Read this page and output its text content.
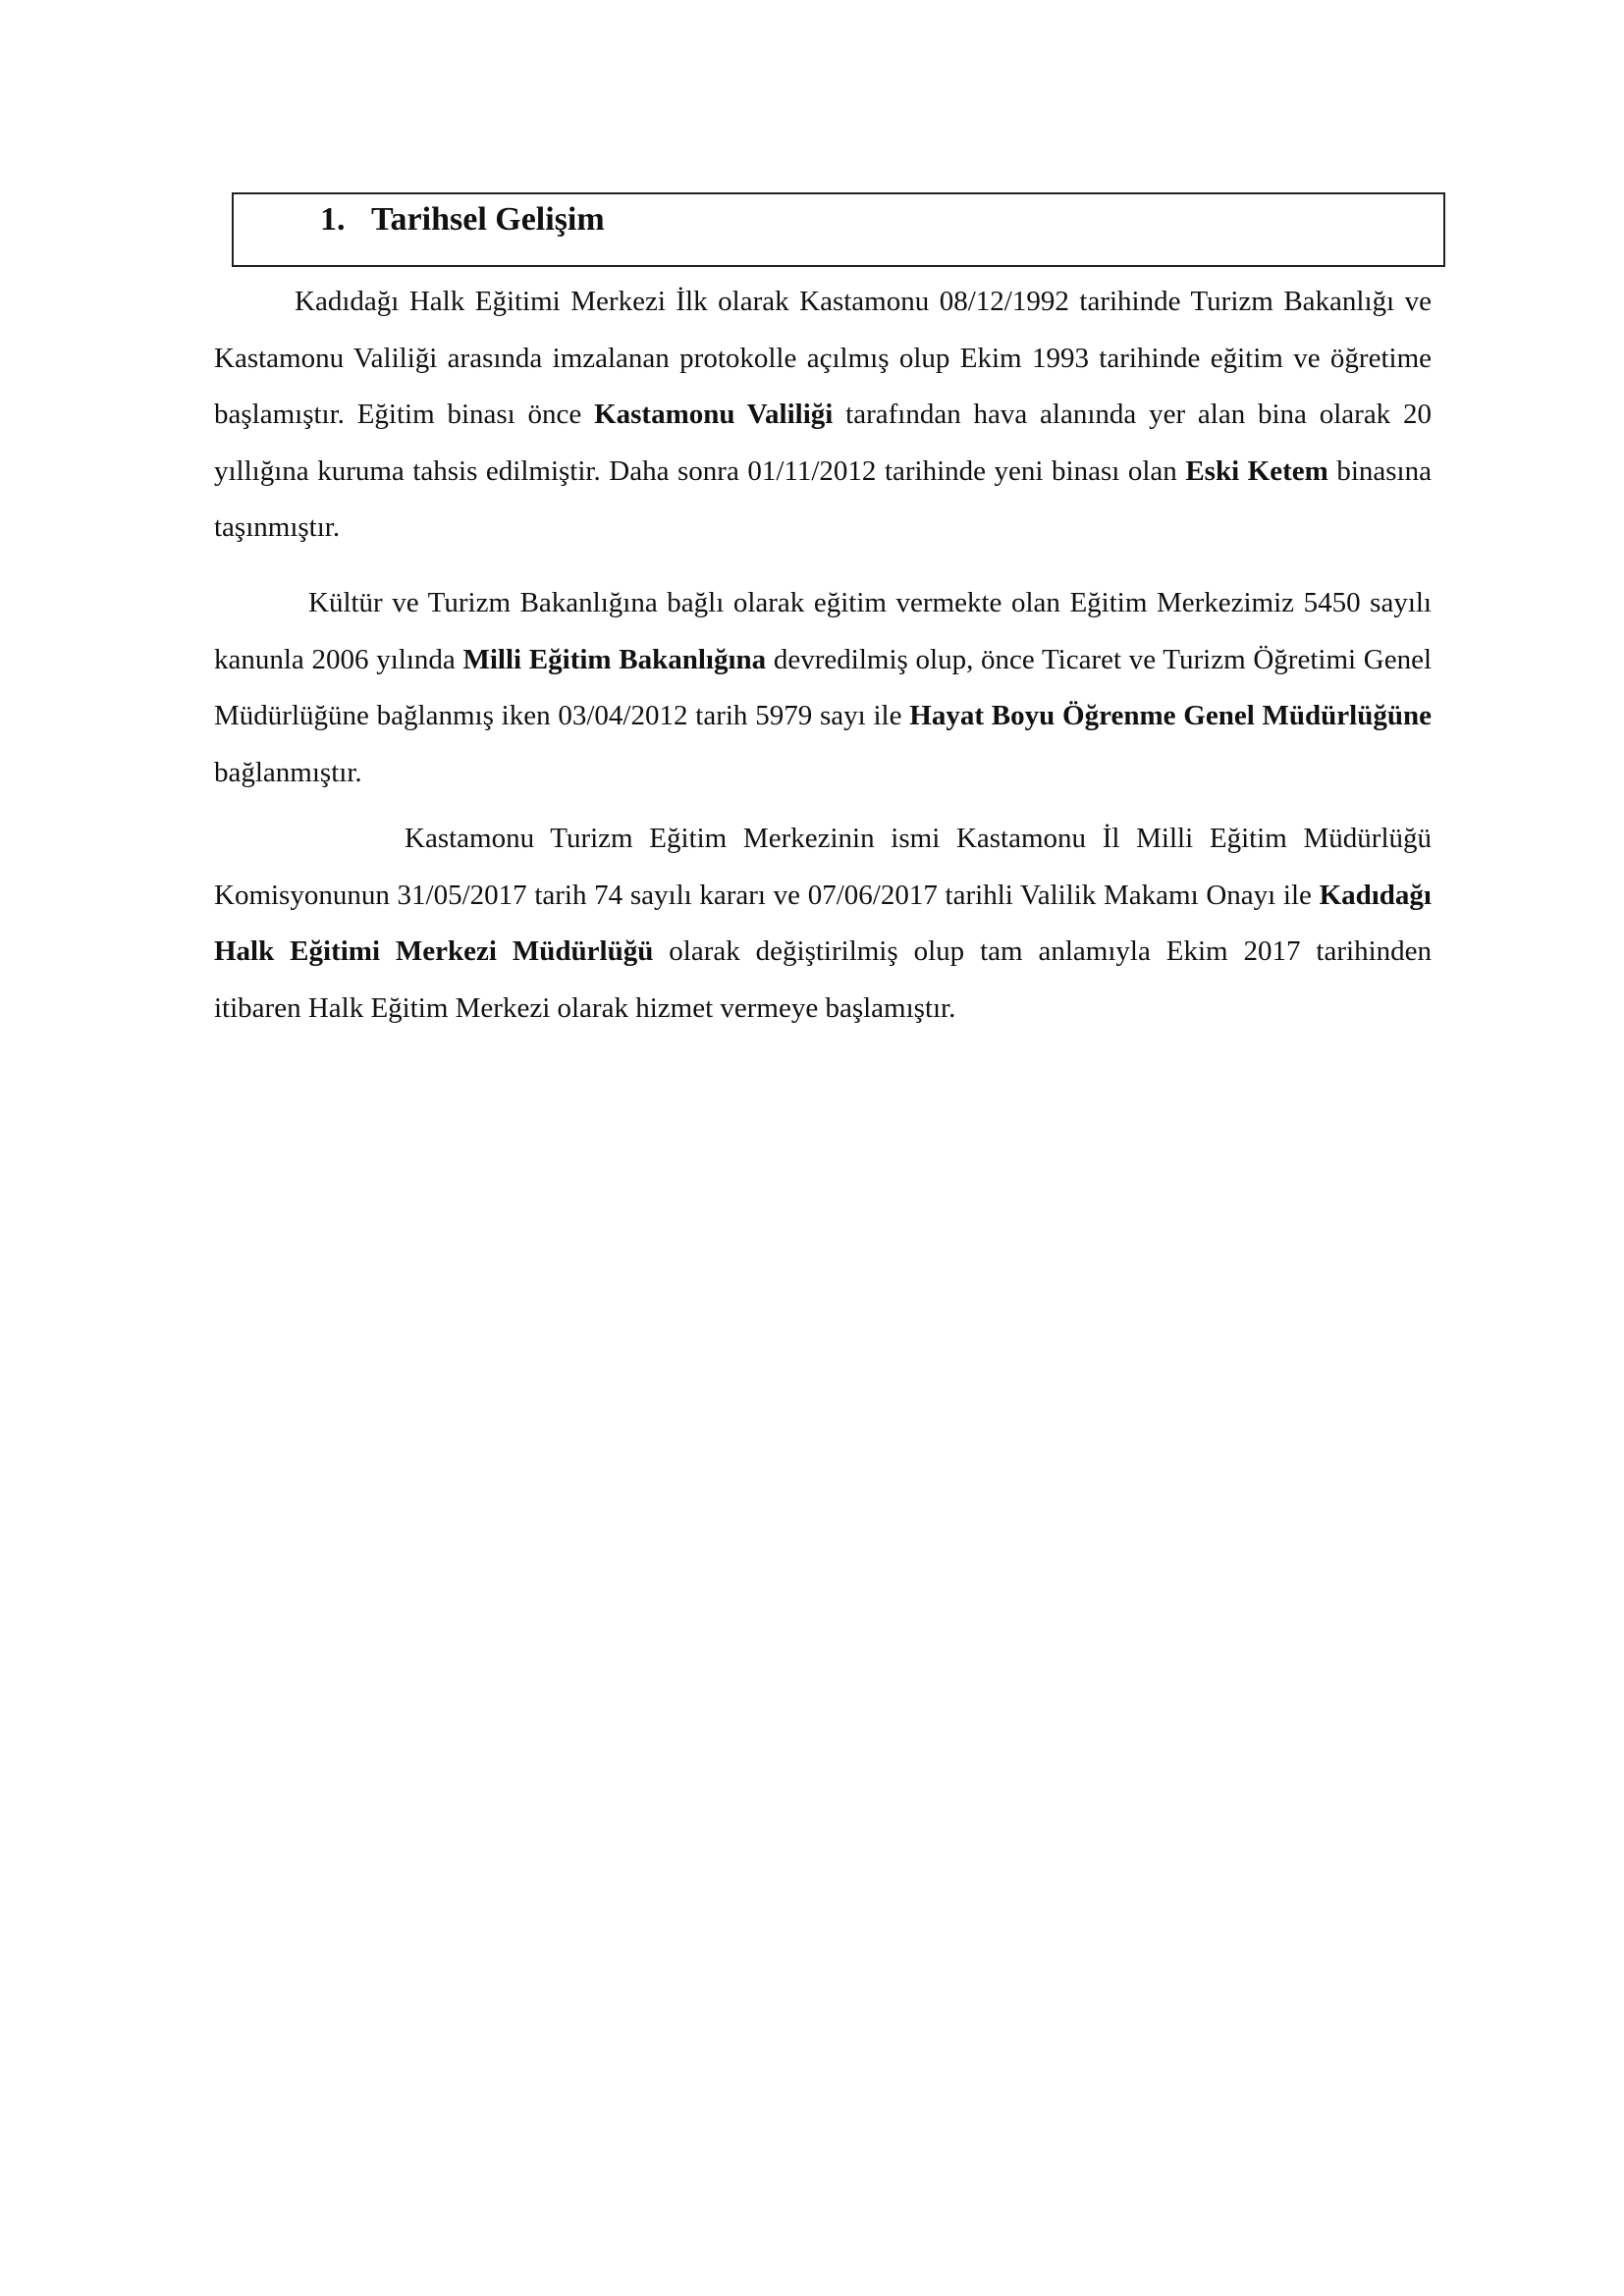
1. Tarihsel Gelişim

Kadıdağı Halk Eğitimi Merkezi İlk olarak Kastamonu 08/12/1992 tarihinde Turizm Bakanlığı ve Kastamonu Valiliği arasında imzalanan protokolle açılmış olup Ekim 1993 tarihinde eğitim ve öğretime başlamıştır. Eğitim binası önce Kastamonu Valiliği tarafından hava alanında yer alan bina olarak 20 yıllığına kuruma tahsis edilmiştir. Daha sonra 01/11/2012 tarihinde yeni binası olan Eski Ketem binasına taşınmıştır.

Kültür ve Turizm Bakanlığına bağlı olarak eğitim vermekte olan Eğitim Merkezimiz 5450 sayılı kanunla 2006 yılında Milli Eğitim Bakanlığına devredilmiş olup, önce Ticaret ve Turizm Öğretimi Genel Müdürlüğüne bağlanmış iken 03/04/2012 tarih 5979 sayı ile Hayat Boyu Öğrenme Genel Müdürlüğüne bağlanmıştır.

Kastamonu Turizm Eğitim Merkezinin ismi Kastamonu İl Milli Eğitim Müdürlüğü Komisyonunun 31/05/2017 tarih 74 sayılı kararı ve 07/06/2017 tarihli Valilik Makamı Onayı ile Kadıdağı Halk Eğitimi Merkezi Müdürlüğü olarak değiştirilmiş olup tam anlamıyla Ekim 2017 tarihinden itibaren Halk Eğitim Merkezi olarak hizmet vermeye başlamıştır.
